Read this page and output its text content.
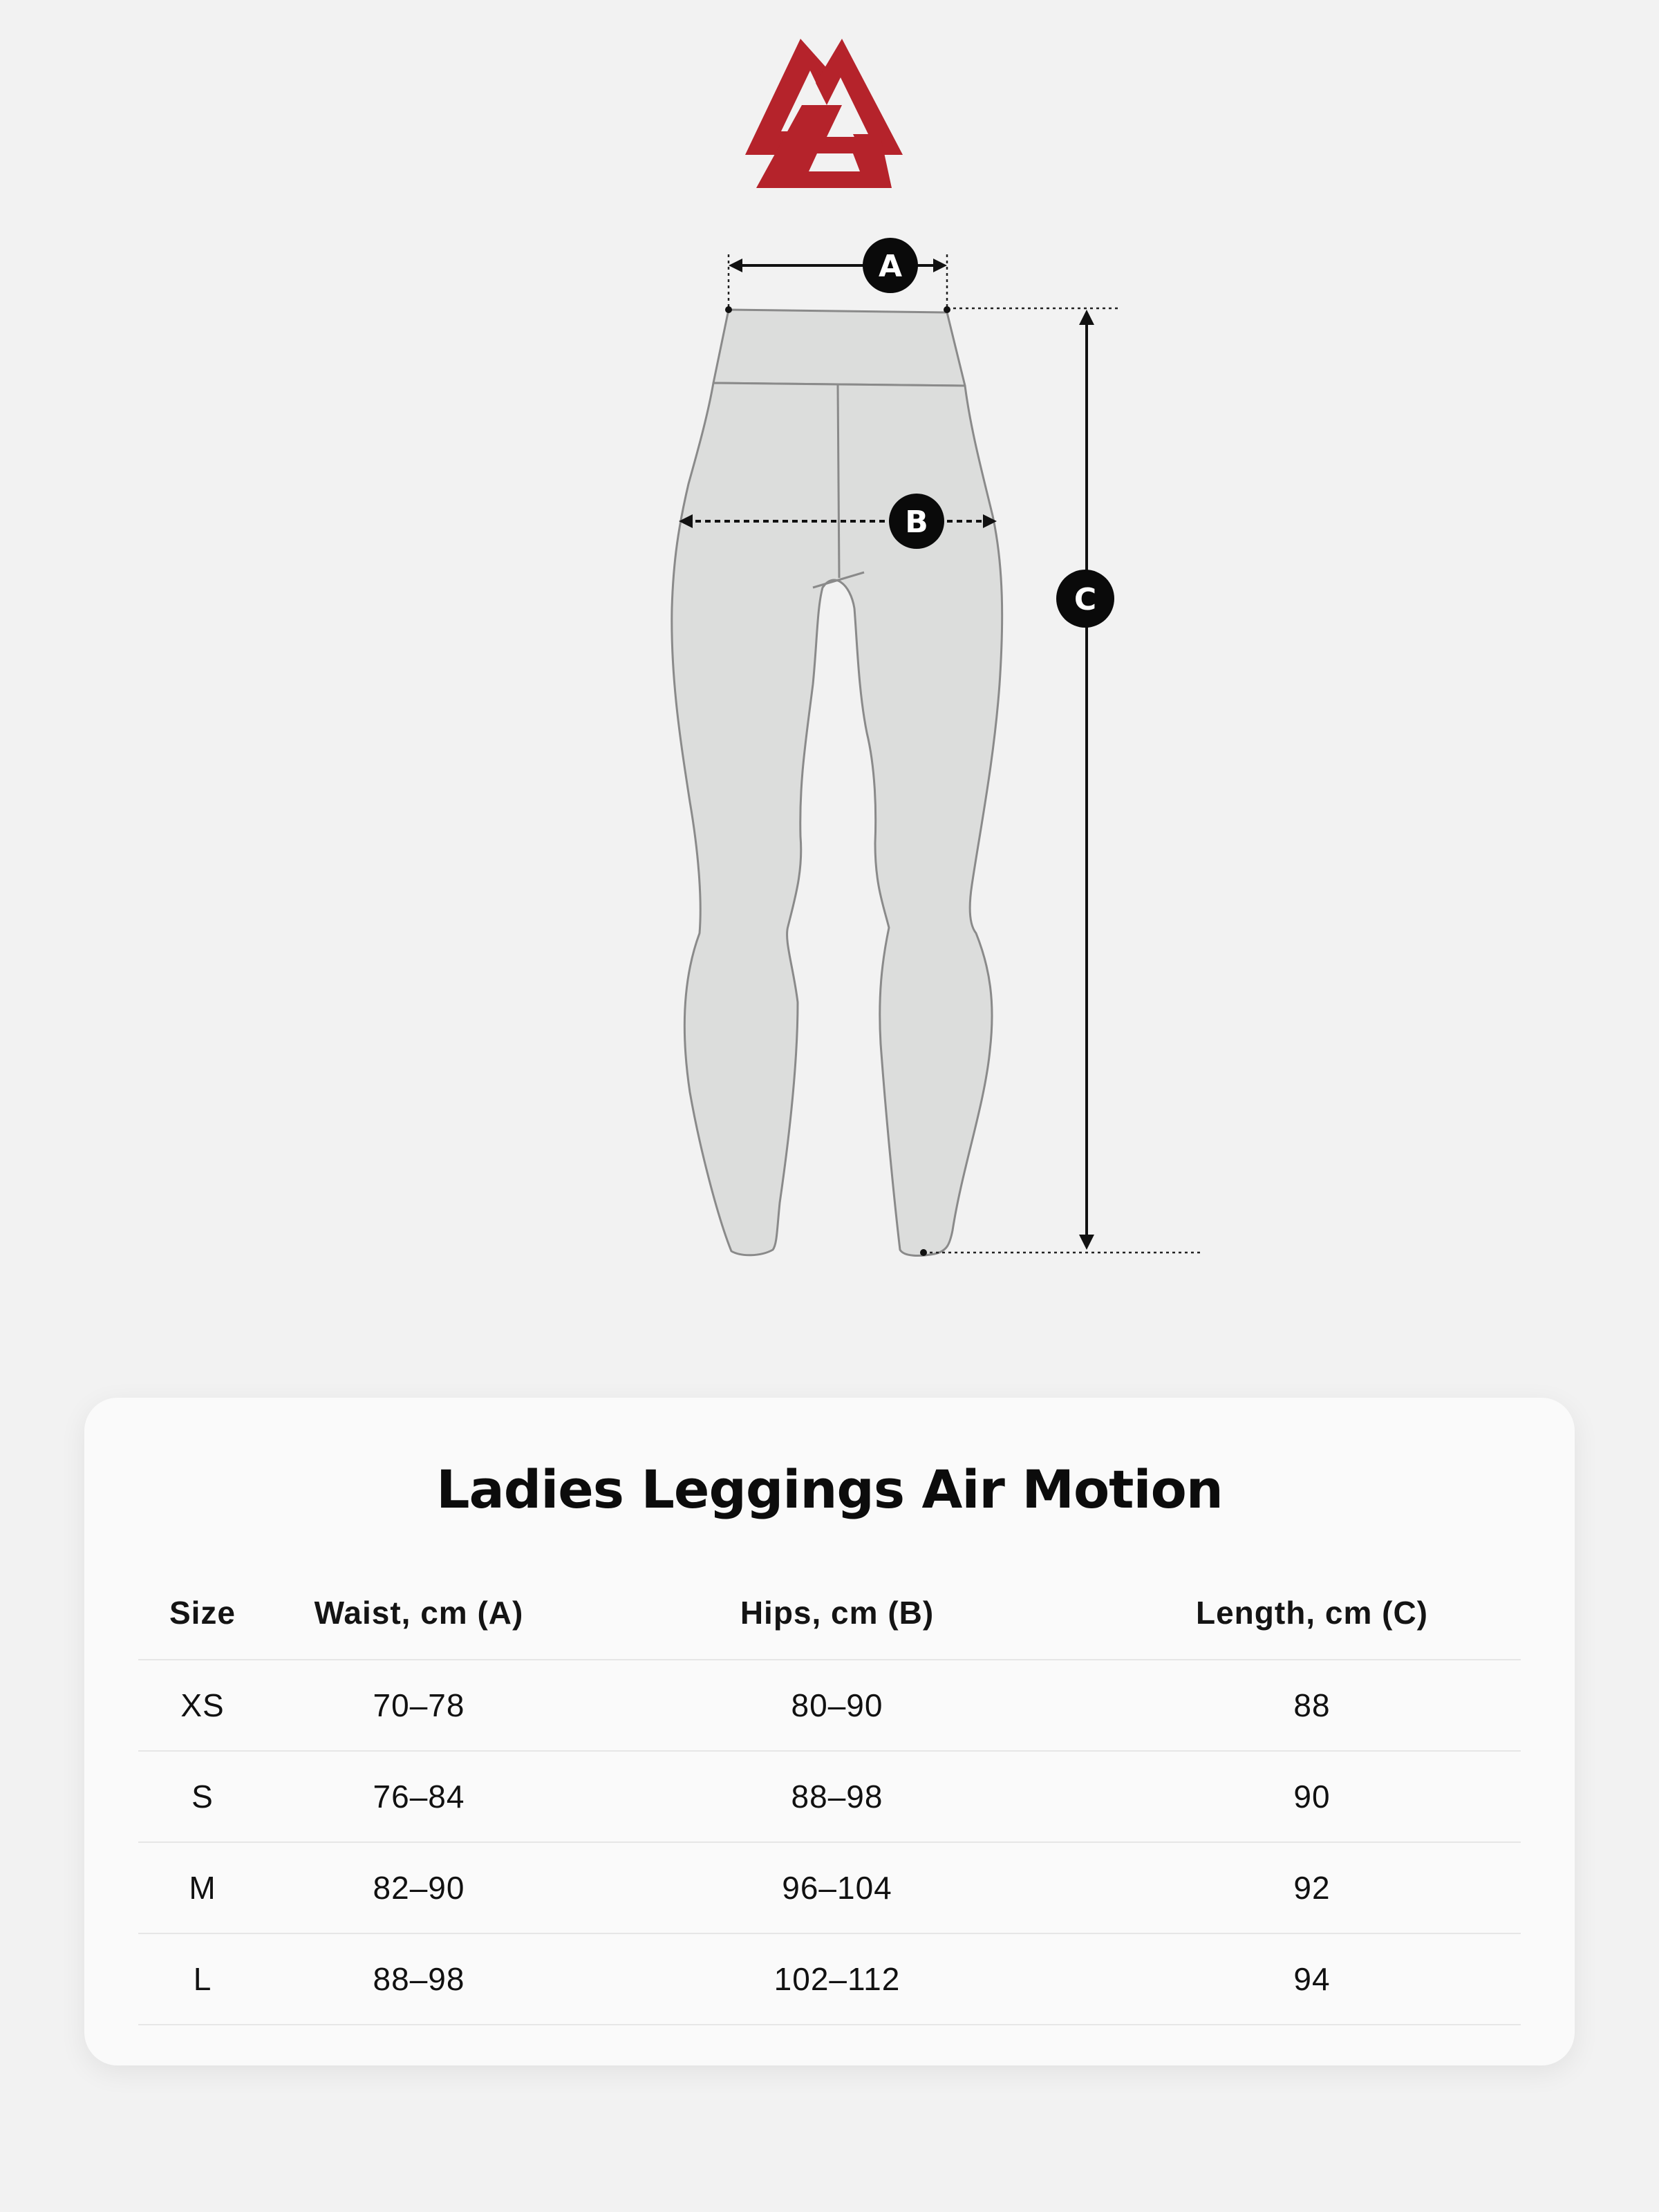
A
B
C
Ladies Leggings Air Motion
Size	Waist, cm (A)	Hips, cm (B)	Length, cm (C)
XS	70–78	80–90	88
S	76–84	88–98	90
M	82–90	96–104	92
L	88–98	102–112	94
